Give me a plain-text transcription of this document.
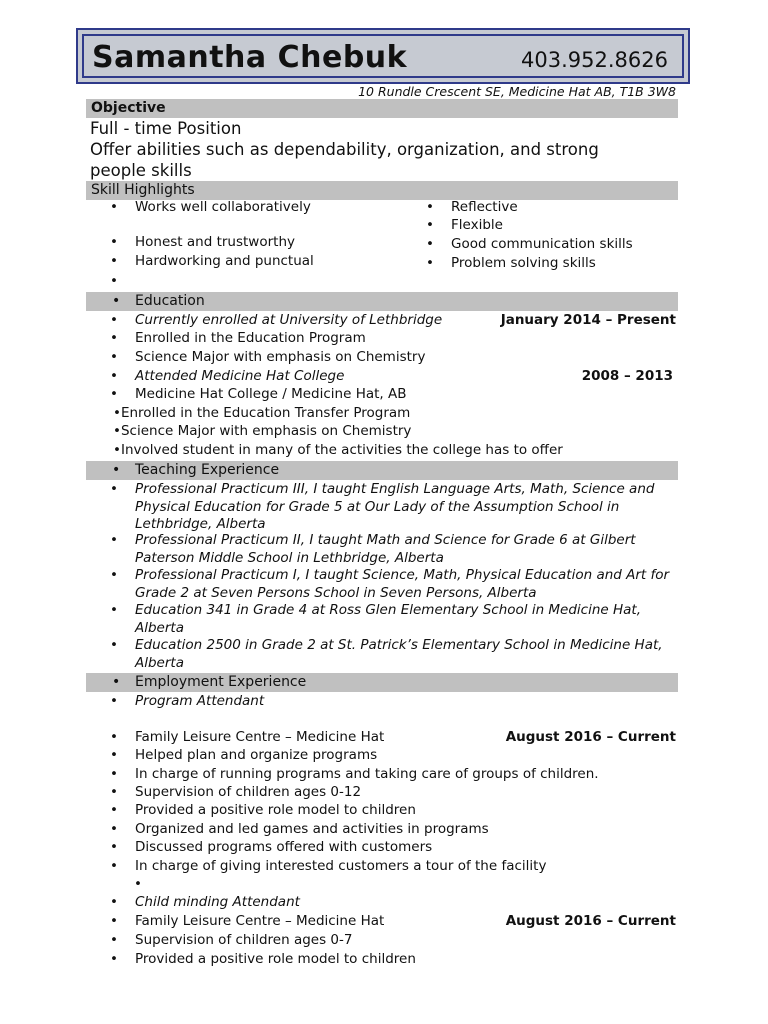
Samantha Chebuk	403.952.8626
10 Rundle Crescent SE, Medicine Hat AB, T1B 3W8
Objective
Full - time Position
Offer abilities such as dependability, organization, and strong people skills
Skill Highlights
• Works well collaboratively
• Honest and trustworthy
• Hardworking and punctual
•
• Reflective
• Flexible
• Good communication skills
• Problem solving skills
• Education
• Currently enrolled at University of Lethbridge	January 2014 – Present
• Enrolled in the Education Program
• Science Major with emphasis on Chemistry
• Attended Medicine Hat College	2008 – 2013
• Medicine Hat College / Medicine Hat, AB
•Enrolled in the Education Transfer Program
•Science Major with emphasis on Chemistry
•Involved student in many of the activities the college has to offer
• Teaching Experience
• Professional Practicum III, I taught English Language Arts, Math, Science and Physical Education for Grade 5 at Our Lady of the Assumption School in Lethbridge, Alberta
• Professional Practicum II, I taught Math and Science for Grade 6 at Gilbert Paterson Middle School in Lethbridge, Alberta
• Professional Practicum I, I taught Science, Math, Physical Education and Art for Grade 2 at Seven Persons School in Seven Persons, Alberta
• Education 341 in Grade 4 at Ross Glen Elementary School in Medicine Hat, Alberta
• Education 2500 in Grade 2 at St. Patrick’s Elementary School in Medicine Hat, Alberta
• Employment Experience
• Program Attendant
• Family Leisure Centre – Medicine Hat	August 2016 – Current
• Helped plan and organize programs
• In charge of running programs and taking care of groups of children.
• Supervision of children ages 0-12
• Provided a positive role model to children
• Organized and led games and activities in programs
• Discussed programs offered with customers
• In charge of giving interested customers a tour of the facility
•
• Child minding Attendant
• Family Leisure Centre – Medicine Hat	August 2016 – Current
• Supervision of children ages 0-7
• Provided a positive role model to children
